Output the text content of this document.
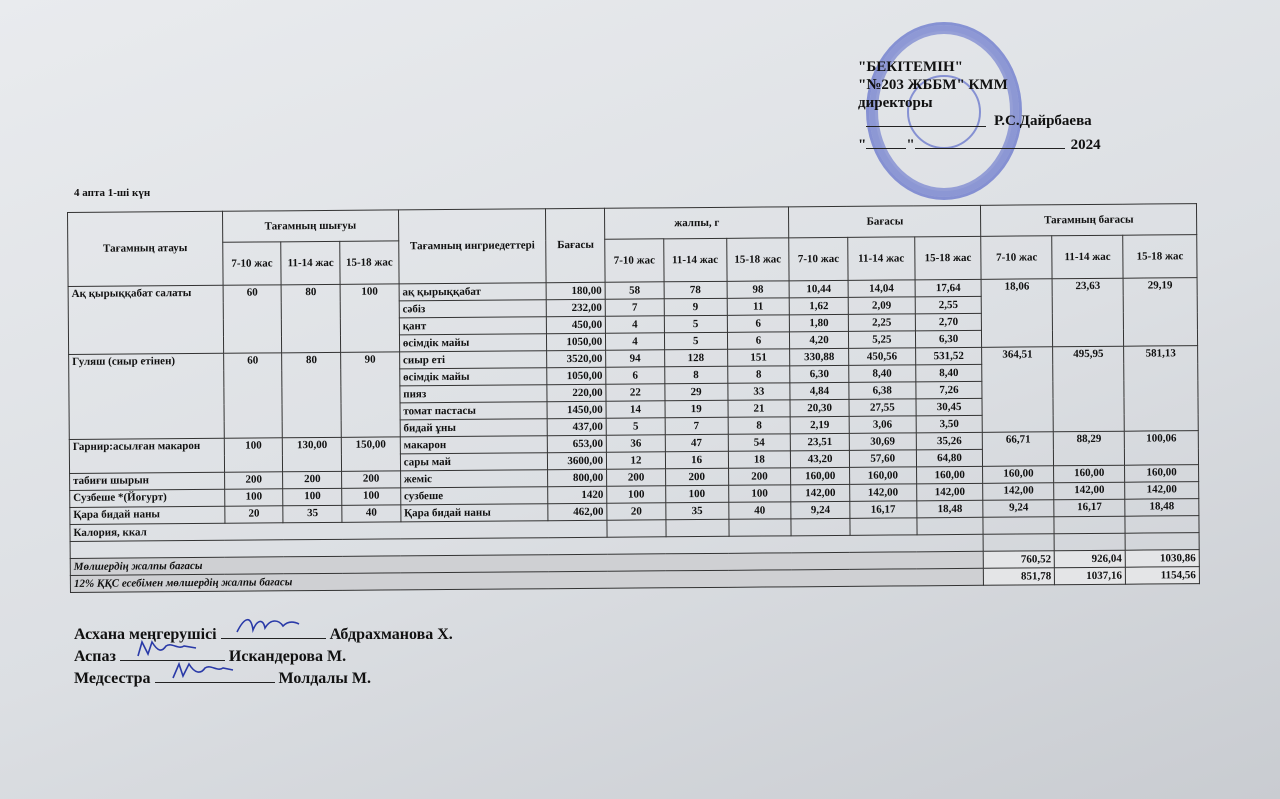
"БЕКІТЕМІН"
"№203 ЖББМ" КММ
директоры
Р.С.Дайрбаева
"	"	2024
4 апта 1-ші күн
Тағамның атауы	Тағамның шығуы			Тағамның ингриедеттері	Бағасы	жалпы, г			Бағасы			Тағамның бағасы		
	7-10 жас	11-14 жас	15-18 жас			7-10 жас	11-14 жас	15-18 жас	7-10 жас	11-14 жас	15-18 жас	7-10 жас	11-14 жас	15-18 жас
Ақ қырыққабат салаты	60	80	100	ақ қырыққабат	180,00	58	78	98	10,44	14,04	17,64	18,06	23,63	29,19
				сәбіз	232,00	7	9	11	1,62	2,09	2,55			
				қант	450,00	4	5	6	1,80	2,25	2,70			
				өсімдік майы	1050,00	4	5	6	4,20	5,25	6,30			
Гуляш (сиыр етінен)	60	80	90	сиыр еті	3520,00	94	128	151	330,88	450,56	531,52	364,51	495,95	581,13
				өсімдік майы	1050,00	6	8	8	6,30	8,40	8,40			
				пияз	220,00	22	29	33	4,84	6,38	7,26			
				томат пастасы	1450,00	14	19	21	20,30	27,55	30,45			
				бидай ұны	437,00	5	7	8	2,19	3,06	3,50			
Гарнир:асылған макарон	100	130,00	150,00	макарон	653,00	36	47	54	23,51	30,69	35,26	66,71	88,29	100,06
				сары май	3600,00	12	16	18	43,20	57,60	64,80			
табиғи шырын	200	200	200	жеміс	800,00	200	200	200	160,00	160,00	160,00	160,00	160,00	160,00
Сузбеше *(Йогурт)	100	100	100	сузбеше	1420	100	100	100	142,00	142,00	142,00	142,00	142,00	142,00
Қара бидай наны	20	35	40	Қара бидай наны	462,00	20	35	40	9,24	16,17	18,48	9,24	16,17	18,48
Калория, ккал														

Мөлшердің жалпы бағасы												760,52	926,04	1030,86
12% ҚҚС есебімен мөлшердің жалпы бағасы												851,78	1037,16	1154,56
Асхана меңгерушісі	Абдрахманова Х.
Аспаз	Искандерова М.
Медсестра	Молдалы М.
